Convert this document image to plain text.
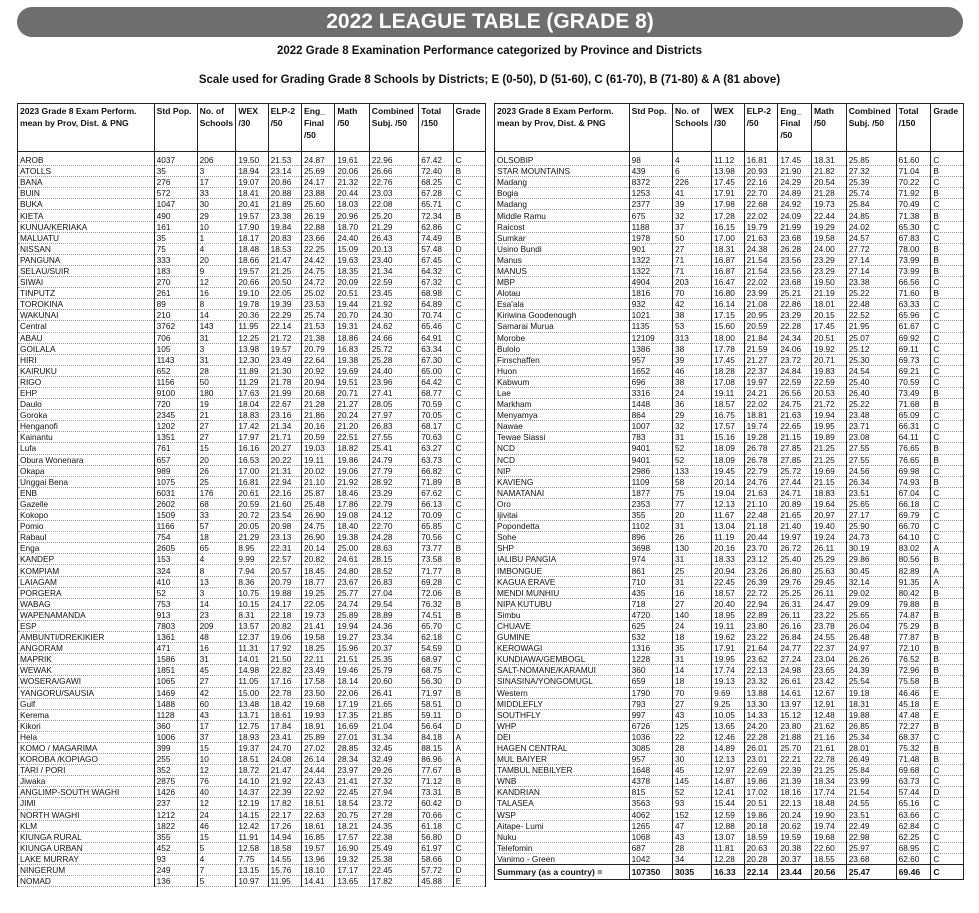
2022 LEAGUE TABLE (GRADE 8)
2022 Grade 8 Examination Performance categorized by Province and Districts
Scale used for Grading Grade 8 Schools by Districts; E (0-50), D (51-60), C (61-70), B (71-80) & A (81 above)
2023 Grade 8 Exam Perform. mean by Prov, Dist. & PNG	Std Pop.	No. of Schools	WEX /30	ELP-2 /50	Eng_ Final /50	Math /50	Combined Subj. /50	Total /150	Grade
AROB	4037	206	19.50	21.53	24.87	19.61	22.96	67.42	C
ATOLLS	35	3	18.94	23.14	25.69	20.06	26.66	72.40	B
BANA	276	17	19.07	20.86	24.17	21.32	22.76	68.25	C
BUIN	572	33	18.41	20.88	23.88	20.44	23.03	67.28	C
BUKA	1047	30	20.41	21.89	25.60	18.03	22.08	65.71	C
KIETA	490	29	19.57	23.38	26.19	20.96	25.20	72.34	B
KUNUA/KERIAKA	161	10	17.90	19.84	22.88	18.70	21.29	62.86	C
MALUATU	35	1	18.17	20.83	23.66	24.40	26.43	74.49	B
NISSAN	75	4	18.48	18.53	22.25	15.09	20.13	57.48	D
PANGUNA	333	20	18.66	21.47	24.42	19.63	23.40	67.45	C
SELAU/SUIR	183	9	19.57	21.25	24.75	18.35	21.34	64.32	C
SIWAI	270	12	20.66	20.50	24.72	20.09	22.59	67.32	C
TINPUTZ	261	16	19.10	22.05	25.02	20.51	23.45	68.98	C
TOROKINA	89	8	19.78	19.39	23.53	19.44	21.92	64.89	C
WAKUNAI	210	14	20.36	22.29	25.74	20.70	24.30	70.74	C
Central	3762	143	11.95	22.14	21.53	19.31	24.62	65.46	C
ABAU	706	31	12.25	21.72	21.38	18.86	24.66	64.91	C
GOILALA	105	3	13.98	19.57	20.79	16.83	25.72	63.34	C
HIRI	1143	31	12.30	23.49	22.64	19.38	25.28	67.30	C
KAIRUKU	652	28	11.89	21.30	20.92	19.69	24.40	65.00	C
RIGO	1156	50	11.29	21.78	20.94	19.51	23.96	64.42	C
EHP	9100	180	17.63	21.99	20.68	20.71	27.41	68.77	C
Daulo	720	19	18.04	22.67	21.28	21.27	28.05	70.59	C
Goroka	2345	21	18.83	23.16	21.86	20.24	27.97	70.05	C
Henganofi	1202	27	17.42	21.34	20.16	21.20	26.83	68.17	C
Kainantu	1351	27	17.97	21.71	20.59	22.51	27.55	70.63	C
Lufa	761	15	16.16	20.27	19.03	18.82	25.41	63.27	C
Obura Wonenara	657	20	16.53	20.22	19.11	19.86	24.79	63.73	C
Okapa	989	26	17.00	21.31	20.02	19.06	27.79	66.82	C
Unggai Bena	1075	25	16.81	22.94	21.10	21.92	28.92	71.89	B
ENB	6031	176	20.61	22.16	25.87	18.46	23.29	67.62	C
Gazelle	2602	68	20.59	21.60	25.48	17.86	22.79	66.13	C
Kokopo	1509	33	20.72	23.54	26.90	19.08	24.12	70.09	C
Pomio	1166	57	20.05	20.98	24.75	18.40	22.70	65.85	C
Rabaul	754	18	21.29	23.13	26.90	19.38	24.28	70.56	C
Enga	2605	65	8.95	22.31	20.14	25.00	28.63	73.77	B
KANDEP	153	4	9.99	22.57	20.82	24.61	28.15	73.58	B
KOMPIAM	324	8	7.94	20.57	18.45	24.80	28.52	71.77	B
LAIAGAM	410	13	8.36	20.79	18.77	23.67	26.83	69.28	C
PORGERA	52	3	10.75	19.88	19.25	25.77	27.04	72.06	B
WABAG	753	14	10.15	24.17	22.05	24.74	29.54	76.32	B
WAPENAMANDA	913	23	8.31	22.18	19.73	25.89	28.89	74.51	B
ESP	7803	209	13.57	20.82	21.41	19.94	24.36	65.70	C
AMBUNTI/DREKIKIER	1361	48	12.37	19.06	19.58	19.27	23.34	62.18	C
ANGORAM	471	16	11.31	17.92	18.25	15.96	20.37	54.59	D
MAPRIK	1586	31	14.01	21.50	22.11	21.51	25.35	68.97	C
WEWAK	1851	45	14.98	22.82	23.49	19.46	25.79	68.75	C
WOSERA/GAWI	1065	27	11.05	17.16	17.58	18.14	20.60	56.30	D
YANGORU/SAUSIA	1469	42	15.00	22.78	23.50	22.06	26.41	71.97	B
Gulf	1488	60	13.48	18.42	19.68	17.19	21.65	58.51	D
Kerema	1128	43	13.71	18.61	19.93	17.35	21.85	59.11	D
Kikori	360	17	12.75	17.84	18.91	16.69	21.04	56.64	D
Hela	1006	37	18.93	23.41	25.89	27.01	31.34	84.18	A
KOMO / MAGARIMA	399	15	19.37	24.70	27.02	28.85	32.45	88.15	A
KOROBA /KOPIAGO	255	10	18.51	24.08	26.14	28.34	32.49	86.96	A
TARI / PORI	352	12	18.72	21.47	24.44	23.97	29.26	77.67	B
Jiwaka	2875	76	14.10	21.92	22.43	21.41	27.32	71.12	B
ANGLIMP-SOUTH WAGHI	1426	40	14.37	22.39	22.92	22.45	27.94	73.31	B
JIMI	237	12	12.19	17.82	18.51	18.54	23.72	60.42	D
NORTH WAGHI	1212	24	14.15	22.17	22.63	20.75	27.28	70.66	C
KLM	1822	46	12.42	17.26	18.61	18.21	24.35	61.18	C
KIUNGA RURAL	355	15	11.91	14.94	16.85	17.57	22.38	56.80	D
KIUNGA URBAN	452	5	12.58	18.58	19.57	16.90	25.49	61.97	C
LAKE MURRAY	93	4	7.75	14.55	13.96	19.32	25.38	58.66	D
NINGERUM	249	7	13.15	15.76	18.10	17.17	22.45	57.72	D
NOMAD	136	5	10.97	11.95	14.41	13.65	17.82	45.88	E
2023 Grade 8 Exam Perform. mean by Prov, Dist. & PNG	Std Pop.	No. of Schools	WEX /30	ELP-2 /50	Eng_ Final /50	Math /50	Combined Subj. /50	Total /150	Grade
OLSOBIP	98	4	11.12	16.81	17.45	18.31	25.85	61.60	C
STAR MOUNTAINS	439	6	13.98	20.93	21.90	21.82	27.32	71.04	B
Madang	8372	226	17.45	22.16	24.29	20.54	25.39	70.22	C
Bogia	1253	41	17.91	22.70	24.89	21.28	25.74	71.92	B
Madang	2377	39	17.98	22.68	24.92	19.73	25.84	70.49	C
Middle Ramu	675	32	17.28	22.02	24.09	22.44	24.85	71.38	B
Raicost	1188	37	16.15	19.79	21.99	19.29	24.02	65.30	C
Sumkar	1978	50	17.00	21.63	23.68	19.58	24.57	67.83	C
Usino Bundi	901	27	18.31	24.38	26.28	24.00	27.72	78.00	B
Manus	1322	71	16.87	21.54	23.56	23.29	27.14	73.99	B
MANUS	1322	71	16.87	21.54	23.56	23.29	27.14	73.99	B
MBP	4904	203	16.47	22.02	23.68	19.50	23.38	66.56	C
Alotau	1816	70	16.80	23.99	25.21	21.19	25.22	71.60	B
Esa'ala	932	42	16.14	21.08	22.86	18.01	22.48	63.33	C
Kiriwina Goodenough	1021	38	17.15	20.95	23.29	20.15	22.52	65.96	C
Samarai Murua	1135	53	15.60	20.59	22.28	17.45	21.95	61.67	C
Morobe	12109	313	18.00	21.84	24.34	20.51	25.07	69.92	C
Bulolo	1386	38	17.78	21.59	24.06	19.92	25.12	69.11	C
Finschaffen	957	39	17.45	21.27	23.72	20.71	25.30	69.73	C
Huon	1652	46	18.28	22.37	24.84	19.83	24.54	69.21	C
Kabwum	696	38	17.08	19.97	22.59	22.59	25.40	70.59	C
Lae	3316	24	19.11	24.21	26.56	20.53	26.40	73.49	B
Markham	1448	36	18.57	22.02	24.75	21.72	25.22	71.68	B
Menyamya	864	29	16.75	18.81	21.63	19.94	23.48	65.09	C
Nawae	1007	32	17.57	19.74	22.65	19.95	23.71	66.31	C
Tewae Siassi	783	31	15.16	19.28	21.15	19.89	23.08	64.11	C
NCD	9401	52	18.09	26.78	27.85	21.25	27.55	76.65	B
NCD	9401	52	18.09	26.78	27.85	21.25	27.55	76.65	B
NIP	2986	133	19.45	22.79	25.72	19.69	24.56	69.98	C
KAVIENG	1109	58	20.14	24.76	27.44	21.15	26.34	74.93	B
NAMATANAI	1877	75	19.04	21.63	24.71	18.83	23.51	67.04	C
Oro	2353	77	12.13	21.10	20.89	19.64	25.65	66.18	C
Ijivitai	355	20	11.67	22.48	21.65	20.97	27.17	69.79	C
Popondetta	1102	31	13.04	21.18	21.40	19.40	25.90	66.70	C
Sohe	896	26	11.19	20.44	19.97	19.24	24.73	64.10	C
SHP	3698	130	20.16	23.70	26.72	26.11	30.19	83.02	A
IALIBU PANGIA	974	31	18.33	23.12	25.40	25.29	29.86	80.56	B
IMBONGUE	861	25	20.94	23.26	26.80	25.63	30.45	82.89	A
KAGUA ERAVE	710	31	22.45	26.39	29.76	29.45	32.14	91.35	A
MENDI MUNHIU	435	16	18.57	22.72	25.25	26.11	29.02	80.42	B
NIPA KUTUBU	718	27	20.40	22.94	26.31	24.47	29.09	79.88	B
Simbu	4720	140	18.95	22.89	26.11	23.22	25.65	74.87	B
CHUAVE	625	24	19.11	23.80	26.16	23.78	26.04	75.29	B
GUMINE	532	18	19.62	23.22	26.84	24.55	26.48	77.87	B
KEROWAGI	1316	35	17.91	21.64	24.77	22.37	24.97	72.10	B
KUNDIAWA/GEMBOGL	1228	31	19.95	23.62	27.24	23.04	26.26	76.52	B
SALT-NOMANE/KARAMUI	360	14	17.74	22.13	24.98	23.65	24.39	72.96	B
SINASINA/YONGOMUGL	659	18	19.13	23.32	26.61	23.42	25.54	75.58	B
Western	1790	70	9.69	13.88	14.61	12.67	19.18	46.46	E
MIDDLEFLY	793	27	9.25	13.30	13.97	12.91	18.31	45.18	E
SOUTHFLY	997	43	10.05	14.33	15.12	12.48	19.88	47.48	E
WHP	6726	125	13.65	24.20	23.80	21.62	26.85	72.27	B
DEI	1036	22	12.46	22.28	21.88	21.16	25.34	68.37	C
HAGEN CENTRAL	3085	28	14.89	26.01	25.70	21.61	28.01	75.32	B
MUL BAIYER	957	30	12.13	23.01	22.21	22.78	26.49	71.48	B
TAMBUL NEBILYER	1648	45	12.97	22.69	22.39	21.25	25.84	69.68	C
WNB	4378	145	14.87	19.86	21.39	18.34	23.99	63.73	C
KANDRIAN	815	52	12.41	17.02	18.16	17.74	21.54	57.44	D
TALASEA	3563	93	15.44	20.51	22.13	18.48	24.55	65.16	C
WSP	4062	152	12.59	19.86	20.24	19.90	23.51	63.66	C
Aitape- Lumi	1265	47	12.88	20.18	20.62	19.74	22.49	62.84	C
Nuku	1068	43	13.07	18.59	19.59	19.68	22.98	62.25	C
Telefomin	687	28	11.81	20.63	20.38	22.60	25.97	68.95	C
Vanimo - Green	1042	34	12.28	20.28	20.37	18.55	23.68	62.60	C
Summary (as a country) =	107350	3035	16.33	22.14	23.44	20.56	25.47	69.46	C
